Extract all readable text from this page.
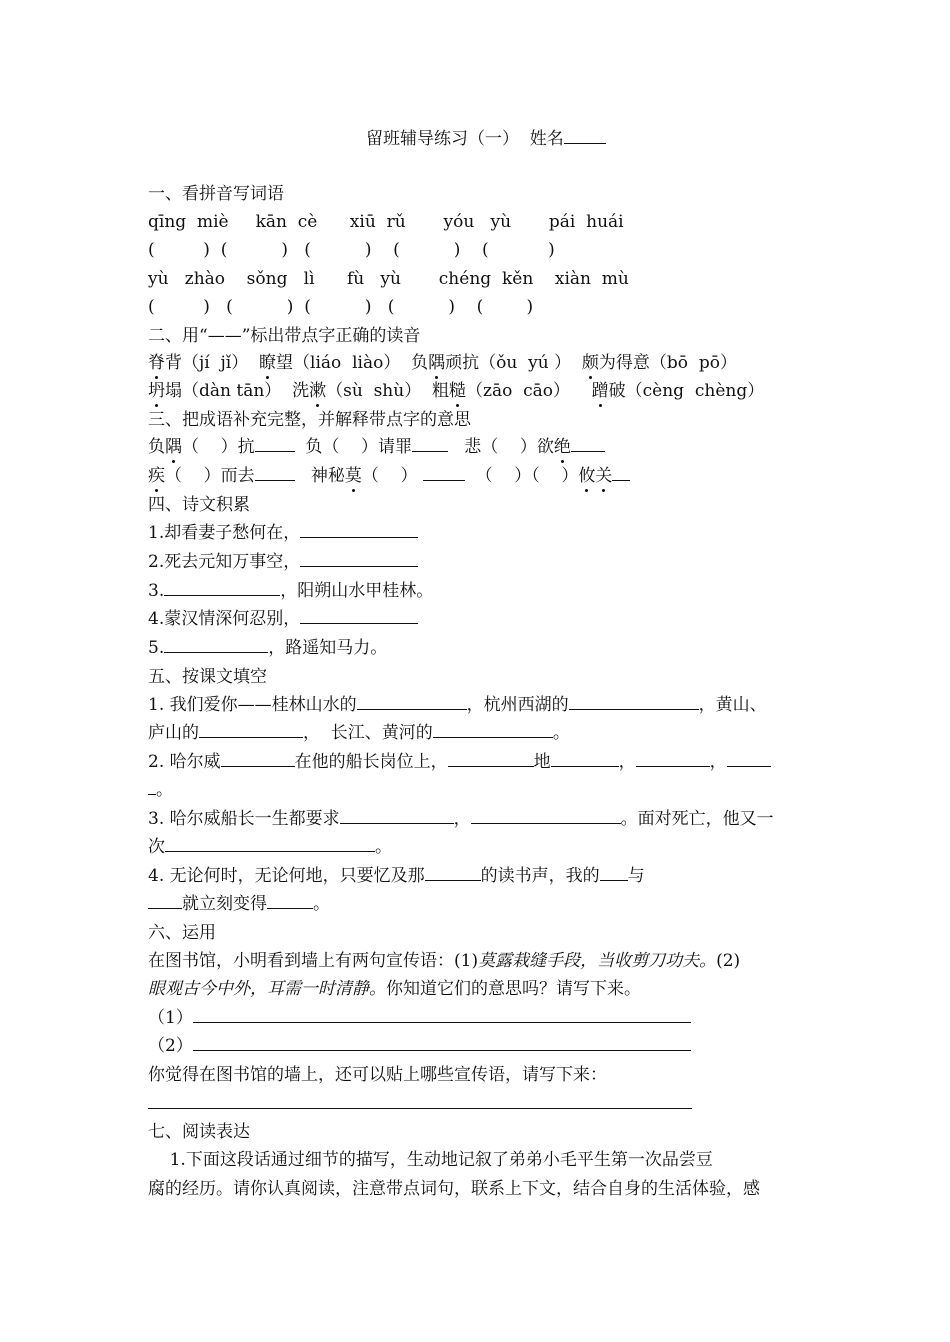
留班辅导练习（一）  姓名
一、看拼音写词语
qīng  miè     kān  cè      xiū  rǔ       yóu   yù       pái  huái
(         )  (          )   (          )    (          )    (           )
yù   zhào    sǒng   lì      fù   yù       chéng  kěn    xiàn  mù
(         )   (          )  (          )   (          )    (        )
二、用“——”标出带点字正确的读音
脊背（jí  jǐ）  瞭望（liáo  liào）  负隅顽抗（ǒu  yú ）  颇为得意（bō  pō）
坍塌（dàn tān）  洗漱（sù  shù）  粗糙（zāo  cāo）    蹭破（cèng  chèng）
三、把成语补充完整，并解释带点字的意思
负隅（    ）抗  负（    ）请罪   悲（    ）欲绝
疾（    ）而去   神秘莫（    ）	（    ）（    ）攸关
四、诗文积累
1.却看妻子愁何在，
2.死去元知万事空，
3.	，阳朔山水甲桂林。
4.蒙汉情深何忍别，
5.	，路遥知马力。
五、按课文填空
1. 我们爱你——桂林山水的	，杭州西湖的	，黄山、
庐山的	，  长江、黄河的	。
2. 哈尔威	在他的船长岗位上，	地	，	，
。
3. 哈尔威船长一生都要求	，	。面对死亡，他又一
次	。
4. 无论何时，无论何地，只要忆及那	的读书声，我的 与
就立刻变得	。
六、运用
在图书馆，小明看到墙上有两句宣传语：(1)莫露栽缝手段，当收剪刀功夫。(2)
眼观古今中外，耳需一时清静。你知道它们的意思吗？请写下来。
（1）
（2）
你觉得在图书馆的墙上，还可以贴上哪些宣传语，请写下来：
七、阅读表达
1.下面这段话通过细节的描写，生动地记叙了弟弟小毛平生第一次品尝豆
腐的经历。请你认真阅读，注意带点词句，联系上下文，结合自身的生活体验，感
